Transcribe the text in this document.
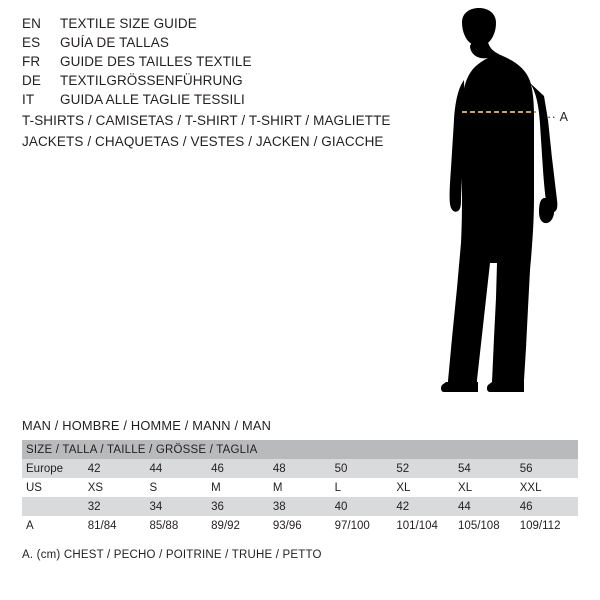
EN	TEXTILE SIZE GUIDE
ES	GUÍA DE TALLAS
FR	GUIDE DES TAILLES TEXTILE
DE	TEXTILGRÖSSENFÜHRUNG
IT	GUIDA ALLE TAGLIE TESSILI
T-SHIRTS / CAMISETAS / T-SHIRT / T-SHIRT / MAGLIETTE
JACKETS / CHAQUETAS / VESTES / JACKEN / GIACCHE
·· A
MAN / HOMBRE / HOMME / MANN / MAN
SIZE / TALLA / TAILLE / GRÖSSE / TAGLIA								
Europe	42	44	46	48	50	52	54	56
US	XS	S	M	M	L	XL	XL	XXL
	32	34	36	38	40	42	44	46
A	81/84	85/88	89/92	93/96	97/100	101/104	105/108	109/112
A. (cm) CHEST / PECHO / POITRINE / TRUHE / PETTO
